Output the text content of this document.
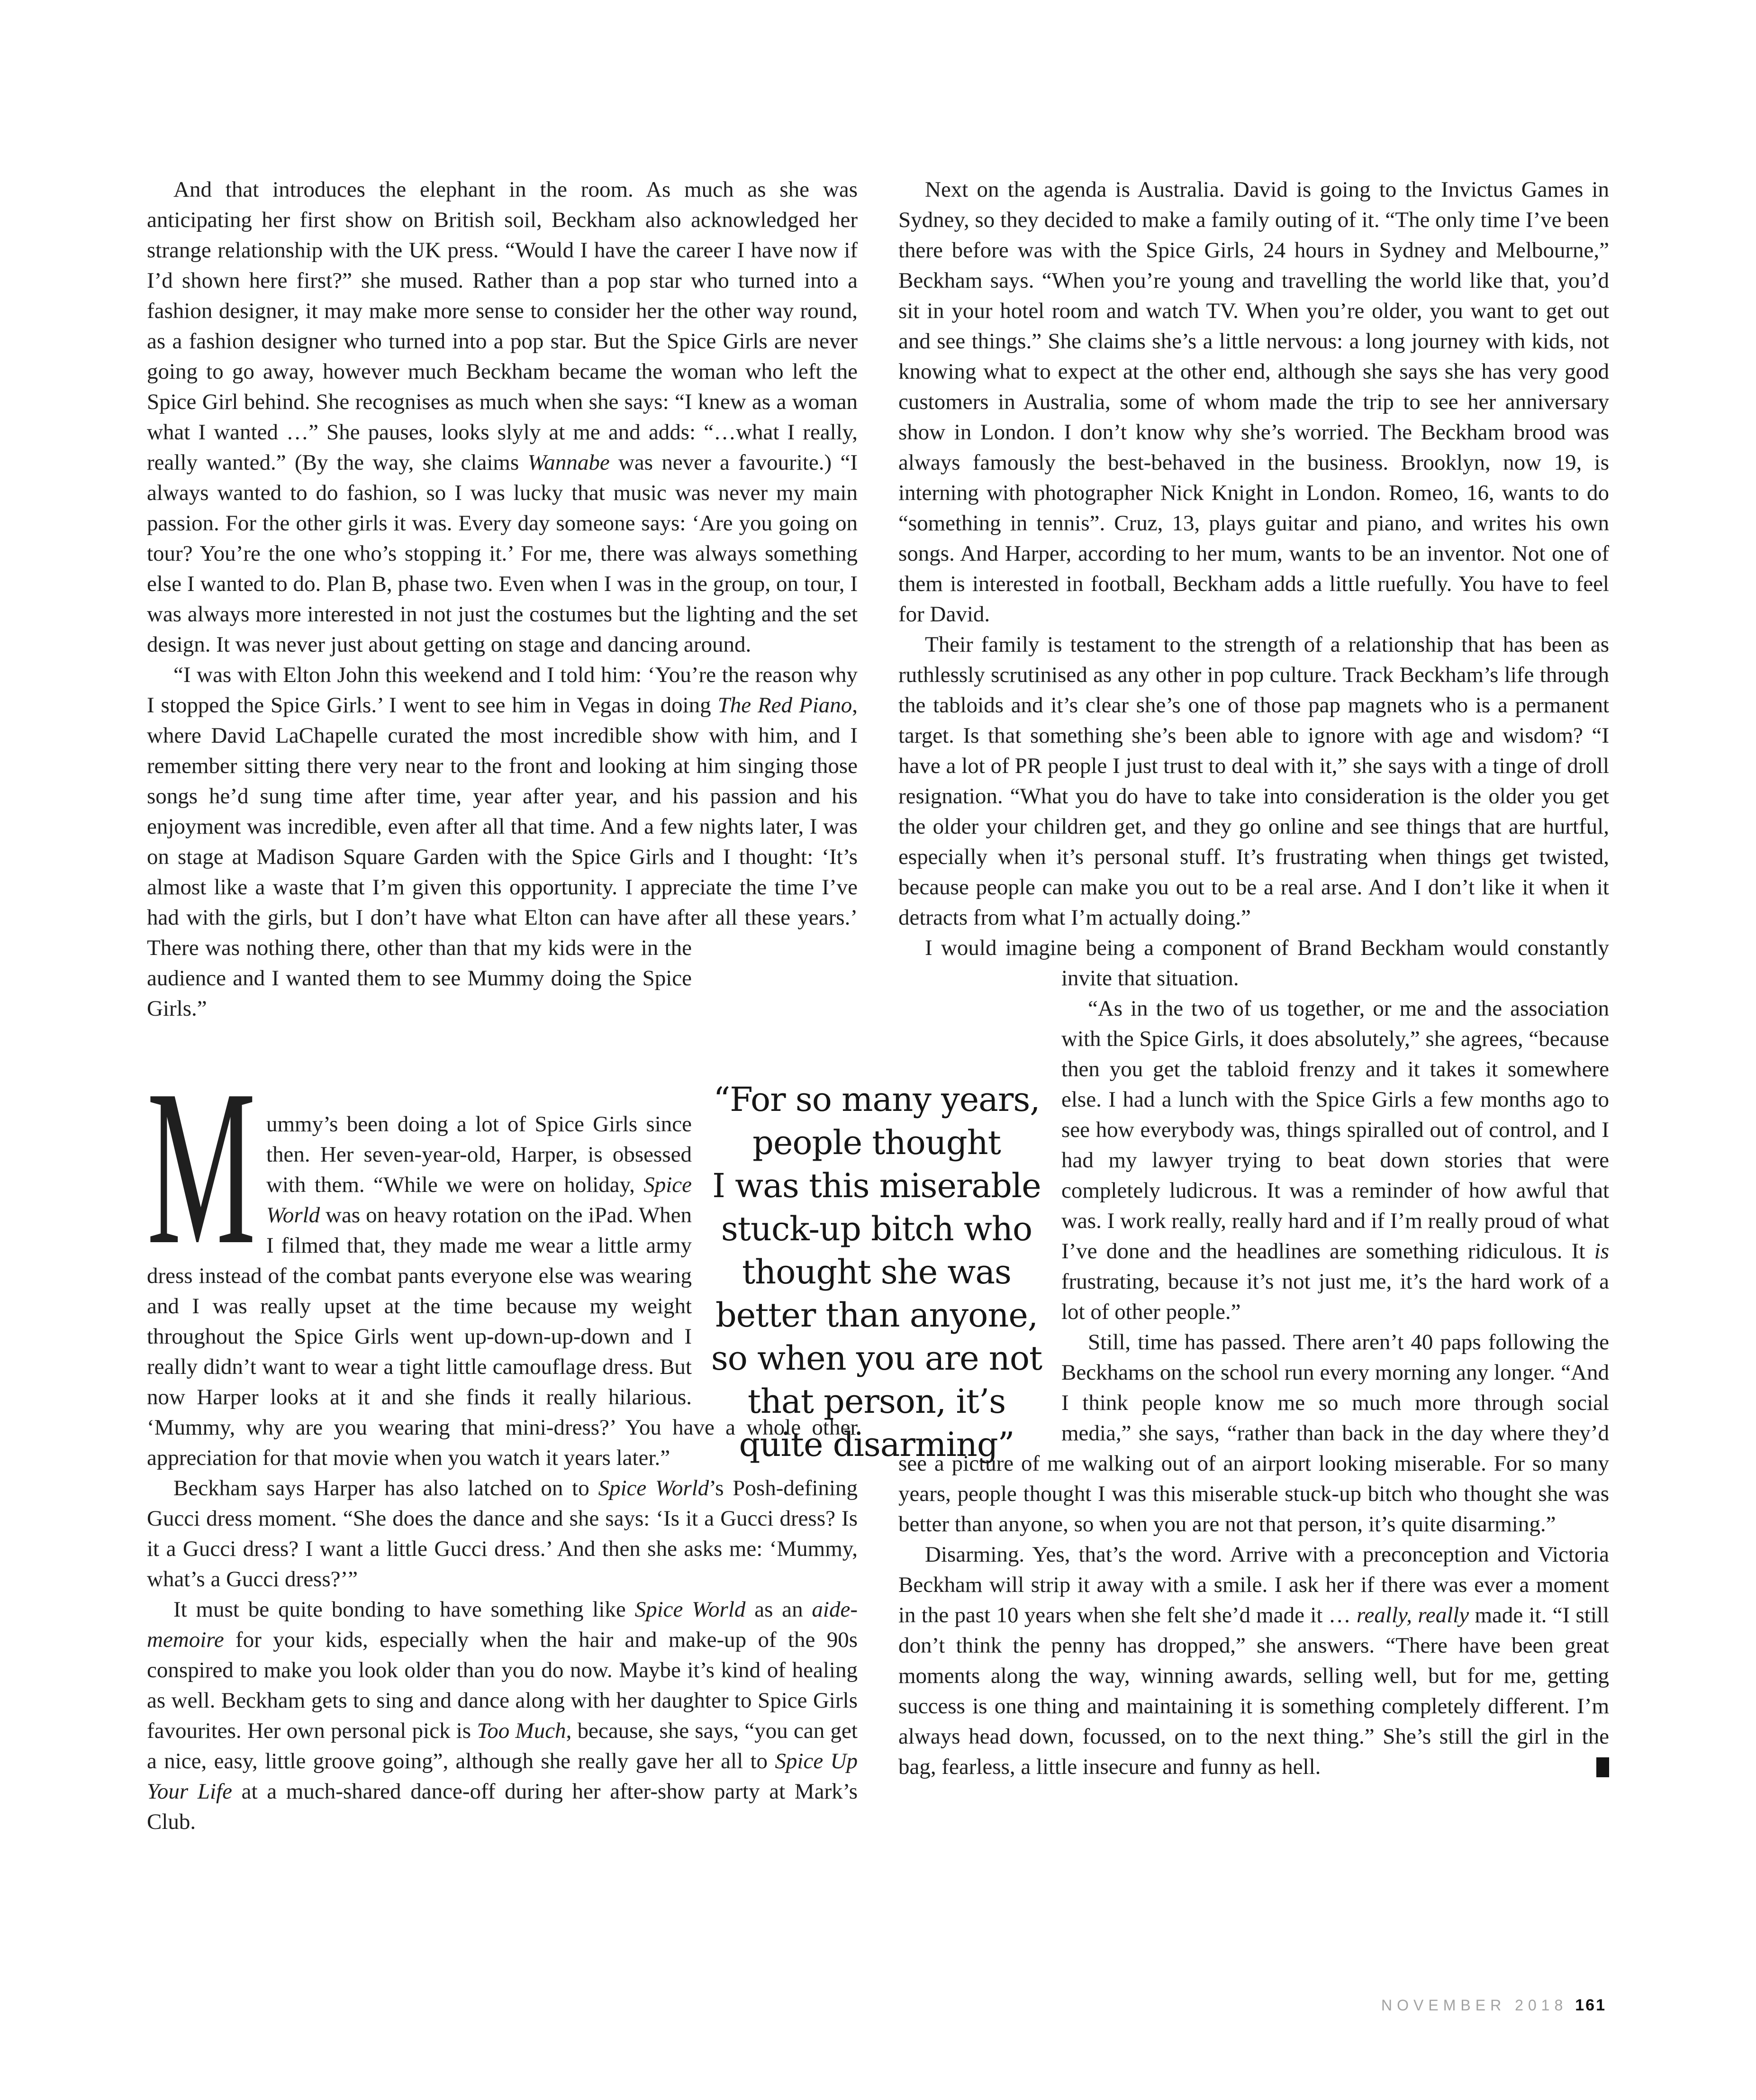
And that introduces the elephant in the room. As much as she was anticipating her first show on British soil, Beckham also acknowledged her strange relationship with the UK press. “Would I have the career I have now if I’d shown here first?” she mused. Rather than a pop star who turned into a fashion designer, it may make more sense to consider her the other way round, as a fashion designer who turned into a pop star. But the Spice Girls are never going to go away, however much Beckham became the woman who left the Spice Girl behind. She recognises as much when she says: “I knew as a woman what I wanted …” She pauses, looks slyly at me and adds: “…what I really, really wanted.” (By the way, she claims Wannabe was never a favourite.) “I always wanted to do fashion, so I was lucky that music was never my main passion. For the other girls it was. Every day someone says: ‘Are you going on tour? You’re the one who’s stopping it.’ For me, there was always something else I wanted to do. Plan B, phase two. Even when I was in the group, on tour, I was always more interested in not just the costumes but the lighting and the set design. It was never just about getting on stage and dancing around.

“I was with Elton John this weekend and I told him: ‘You’re the reason why I stopped the Spice Girls.’ I went to see him in Vegas in doing The Red Piano, where David LaChapelle curated the most incredible show with him, and I remember sitting there very near to the front and looking at him singing those songs he’d sung time after time, year after year, and his passion and his enjoyment was incredible, even after all that time. And a few nights later, I was on stage at Madison Square Garden with the Spice Girls and I thought: ‘It’s almost like a waste that I’m given this opportunity. I appreciate the time I’ve had with the girls, but I don’t have what Elton can have after all these years.’ There
was nothing there, other than that my kids were in the audience and I wanted them to see Mummy doing the Spice Girls.”

Mummy’s been doing a lot of Spice Girls since then. Her seven-year-old, Harper, is obsessed with them. “While we were on holiday, Spice World was on heavy rotation on the iPad. When I filmed that, they made me wear a little army dress instead of the combat pants everyone else was wearing and I was really upset at the time because my weight throughout the Spice Girls went up-down-up-down and I really didn’t want to wear a tight little camouflage dress. But now Harper looks at it and she finds it really hilarious. ‘Mummy, why are you wearing that mini-dress?’ You have a whole other appreciation for that movie when you watch it years later.”

Beckham says Harper has also latched on to Spice World’s Posh-defining Gucci dress moment. “She does the dance and she says: ‘Is it a Gucci dress? Is it a Gucci dress? I want a little Gucci dress.’ And then she asks me: ‘Mummy, what’s a Gucci dress?’”

It must be quite bonding to have something like Spice World as an aide-memoire for your kids, especially when the hair and make-up of the 90s conspired to make you look older than you do now. Maybe it’s kind of healing as well. Beckham gets to sing and dance along with her daughter to Spice Girls favourites. Her own personal pick is Too Much, because, she says, “you can get a nice, easy, little groove going”, although she really gave her all to Spice Up Your Life at a much-shared dance-off during her after-show party at Mark’s Club.

Next on the agenda is Australia. David is going to the Invictus Games in Sydney, so they decided to make a family outing of it. “The only time I’ve been there before was with the Spice Girls, 24 hours in Sydney and Melbourne,” Beckham says. “When you’re young and travelling the world like that, you’d sit in your hotel room and watch TV. When you’re older, you want to get out and see things.” She claims she’s a little nervous: a long journey with kids, not knowing what to expect at the other end, although she says she has very good customers in Australia, some of whom made the trip to see her anniversary show in London. I don’t know why she’s worried. The Beckham brood was always famously the best-behaved in the business. Brooklyn, now 19, is interning with photographer Nick Knight in London. Romeo, 16, wants to do “something in tennis”. Cruz, 13, plays guitar and piano, and writes his own songs. And Harper, according to her mum, wants to be an inventor. Not one of them is interested in football, Beckham adds a little ruefully. You have to feel for David.

Their family is testament to the strength of a relationship that has been as ruthlessly scrutinised as any other in pop culture. Track Beckham’s life through the tabloids and it’s clear she’s one of those pap magnets who is a permanent target. Is that something she’s been able to ignore with age and wisdom? “I have a lot of PR people I just trust to deal with it,” she says with a tinge of droll resignation. “What you do have to take into consideration is the older you get the older your children get, and they go online and see things that are hurtful, especially when it’s personal stuff. It’s frustrating when things get twisted, because people can make you out to be a real arse. And I don’t like it when it detracts from what I’m actually doing.”

I would imagine being a component of Brand Beckham would
constantly invite that situation.

“As in the two of us together, or me and the association with the Spice Girls, it does absolutely,” she agrees, “because then you get the tabloid frenzy and it takes it somewhere else. I had a lunch with the Spice Girls a few months ago to see how everybody was, things spiralled out of control, and I had my lawyer trying to beat down stories that were completely ludicrous. It was a reminder of how awful that was. I work really, really hard and if I’m really proud of what I’ve done and the headlines are something ridiculous. It is frustrating, because it’s not just me, it’s the hard work of a lot of other people.”

Still, time has passed. There aren’t 40 paps following the Beckhams on the school run every morning any longer. “And I think people know me so much more through social media,” she says, “rather than back in the day where they’d see a picture of me walking out of an airport looking miserable. For so many years, people thought I was this miserable stuck-up bitch who thought she was better than anyone, so when you are not that person, it’s quite disarming.”

Disarming. Yes, that’s the word. Arrive with a preconception and Victoria Beckham will strip it away with a smile. I ask her if there was ever a moment in the past 10 years when she felt she’d made it … really, really made it. “I still don’t think the penny has dropped,” she answers. “There have been great moments along the way, winning awards, selling well, but for me, getting success is one thing and maintaining it is something completely different. I’m always head down, focussed, on to the next thing.” She’s still the girl in the bag, fearless, a little insecure and funny as hell.

“For so many years,
people thought
I was this miserable
stuck-up bitch who
thought she was
better than anyone,
so when you are not
that person, it’s
quite disarming”
NOVEMBER 2018 161
